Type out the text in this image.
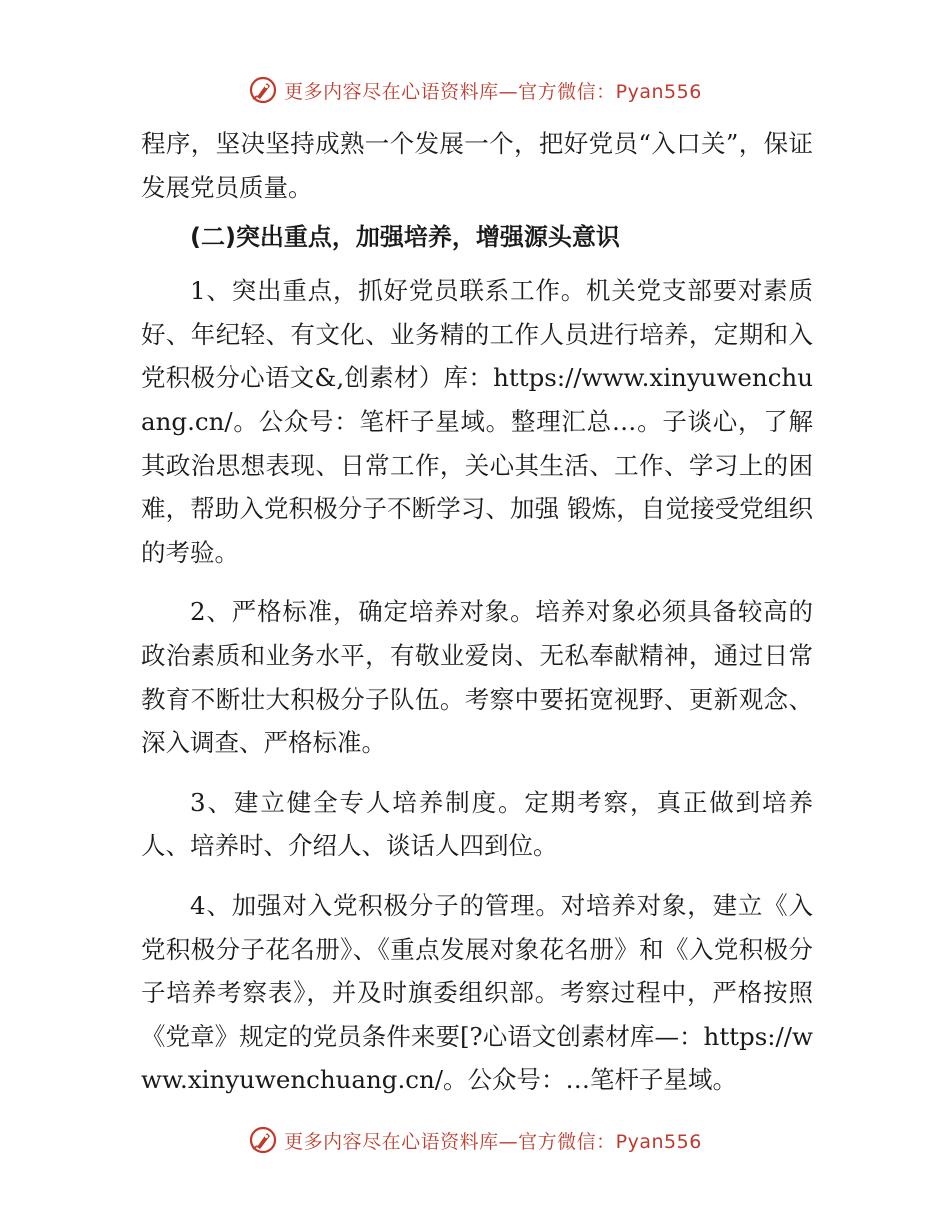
更多内容尽在心语资料库—官方微信：Pyan556

程序，坚决坚持成熟一个发展一个，把好党员“入口关”，保证发展党员质量。

(二)突出重点，加强培养，增强源头意识

1、突出重点，抓好党员联系工作。机关党支部要对素质好、年纪轻、有文化、业务精的工作人员进行培养，定期和入党积极分心语文&,创素材）库：https://www.xinyuwenchuang.cn/。公众号：笔杆子星域。整理汇总…。子谈心，了解其政治思想表现、日常工作，关心其生活、工作、学习上的困难，帮助入党积极分子不断学习、加强 锻炼，自觉接受党组织的考验。

2、严格标准，确定培养对象。培养对象必须具备较高的政治素质和业务水平，有敬业爱岗、无私奉献精神，通过日常教育不断壮大积极分子队伍。考察中要拓宽视野、更新观念、深入调查、严格标准。

3、建立健全专人培养制度。定期考察，真正做到培养人、培养时、介绍人、谈话人四到位。

4、加强对入党积极分子的管理。对培养对象，建立《入党积极分子花名册》、《重点发展对象花名册》和《入党积极分子培养考察表》，并及时旗委组织部。考察过程中，严格按照《党章》规定的党员条件来要[?心语文创素材库—：https://www.xinyuwenchuang.cn/。公众号：…笔杆子星域。

更多内容尽在心语资料库—官方微信：Pyan556
